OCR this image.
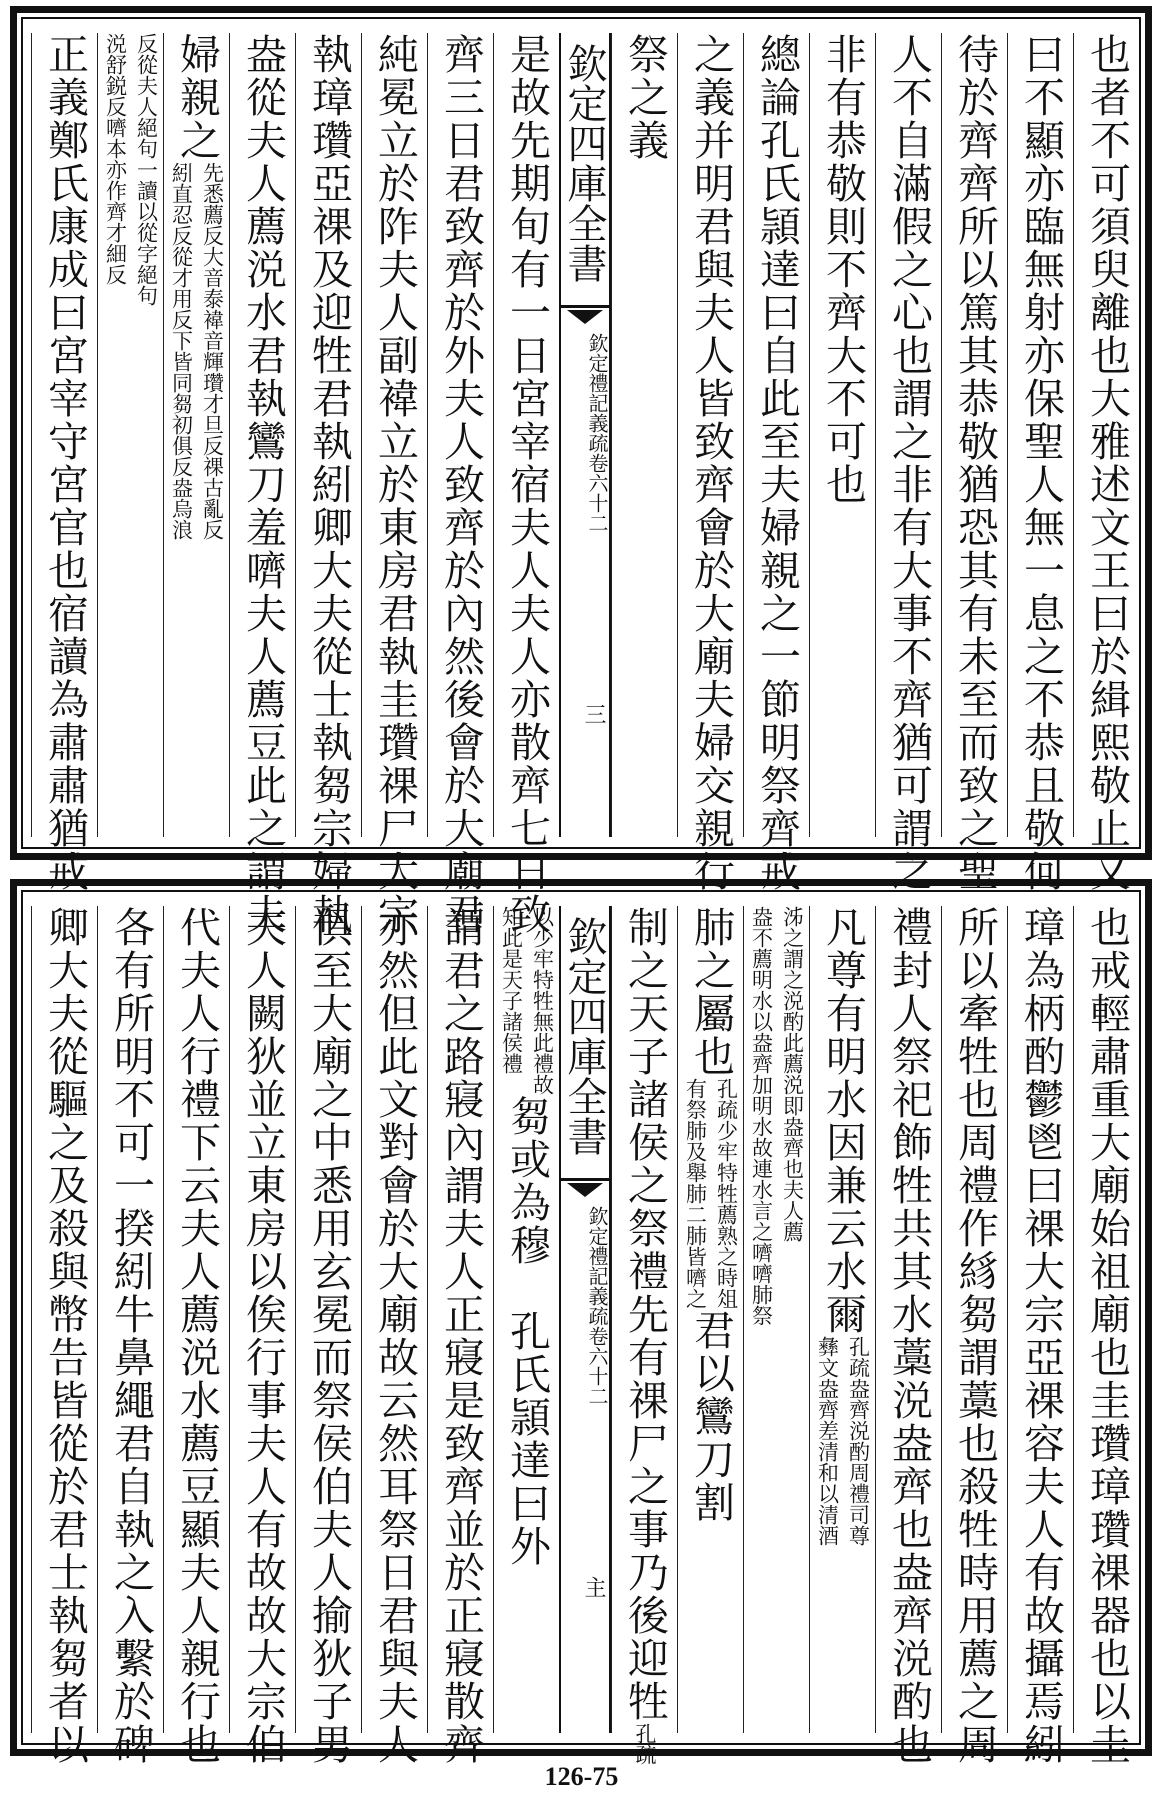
也者不可須臾離也大雅述文王曰於緝熙敬止又
曰不顯亦臨無射亦保聖人無一息之不恭且敬何
待於齊齊所以篤其恭敬猶恐其有未至而致之聖
人不自滿假之心也謂之非有大事不齊猶可謂之
非有恭敬則不齊大不可也
總論孔氏頴達曰自此至夫婦親之一節明祭齊戒
之義并明君與夫人皆致齊會於大廟夫婦交親行
祭之義
欽定四庫全書
欽定禮記義疏
卷六十二
三
是故先期旬有一日宮宰宿夫人夫人亦散齊七日致
齊三日君致齊於外夫人致齊於內然後會於大廟君
純冕立於阼夫人副褘立於東房君執圭瓚祼尸大宗
執璋瓚亞祼及迎牲君執紖卿大夫從士執芻宗婦執
盎從夫人薦涚水君執鸞刀羞嚌夫人薦豆此之謂夫
婦親之
先悉薦反大音泰褘音輝瓚才旦反祼古亂反
紖直忍反從才用反下皆同芻初俱反盎烏浪
反從夫人絕句一讀以從字絕句
涚舒鋭反嚌本亦作齊才細反
正義鄭氏康成曰宮宰守宮官也宿讀為肅肅猶戒
也戒輕肅重大廟始祖廟也圭瓚璋瓚祼器也以圭
璋為柄酌鬱鬯曰祼大宗亞祼容夫人有故攝焉紖
所以牽牲也周禮作絼芻謂藁也殺牲時用薦之周
禮封人祭祀飾牲共其水藁涚盎齊也盎齊涚酌也
凡尊有明水因兼云水爾
孔疏盎齊涚酌周禮司尊
彝文盎齊差清和以清酒
泲之謂之涚酌此薦涚即盎齊也夫人薦
盎不薦明水以盎齊加明水故連水言之嚌嚌肺祭
肺之屬也
孔疏少牢特牲薦熟之時俎
有祭肺及舉肺二肺皆嚌之
君以鸞刀割
制之天子諸侯之祭禮先有祼尸之事乃後迎牲
孔疏
欽定四庫全書
欽定禮記義疏
卷六十二
主
以少牢特牲無此禮故
知此是天子諸侯禮
芻或為穆　孔氏頴達曰外
謂君之路寢內謂夫人正寢是致齊並於正寢散齊
亦然但此文對會於大廟故云然耳祭日君與夫人
俱至大廟之中悉用玄冕而祭侯伯夫人揄狄子男
夫人闕狄並立東房以俟行事夫人有故故大宗伯
代夫人行禮下云夫人薦涚水薦豆顯夫人親行也
各有所明不可一揆紖牛鼻繩君自執之入繫於碑
卿大夫從驅之及殺與幣告皆從於君士執芻者以
126-75
